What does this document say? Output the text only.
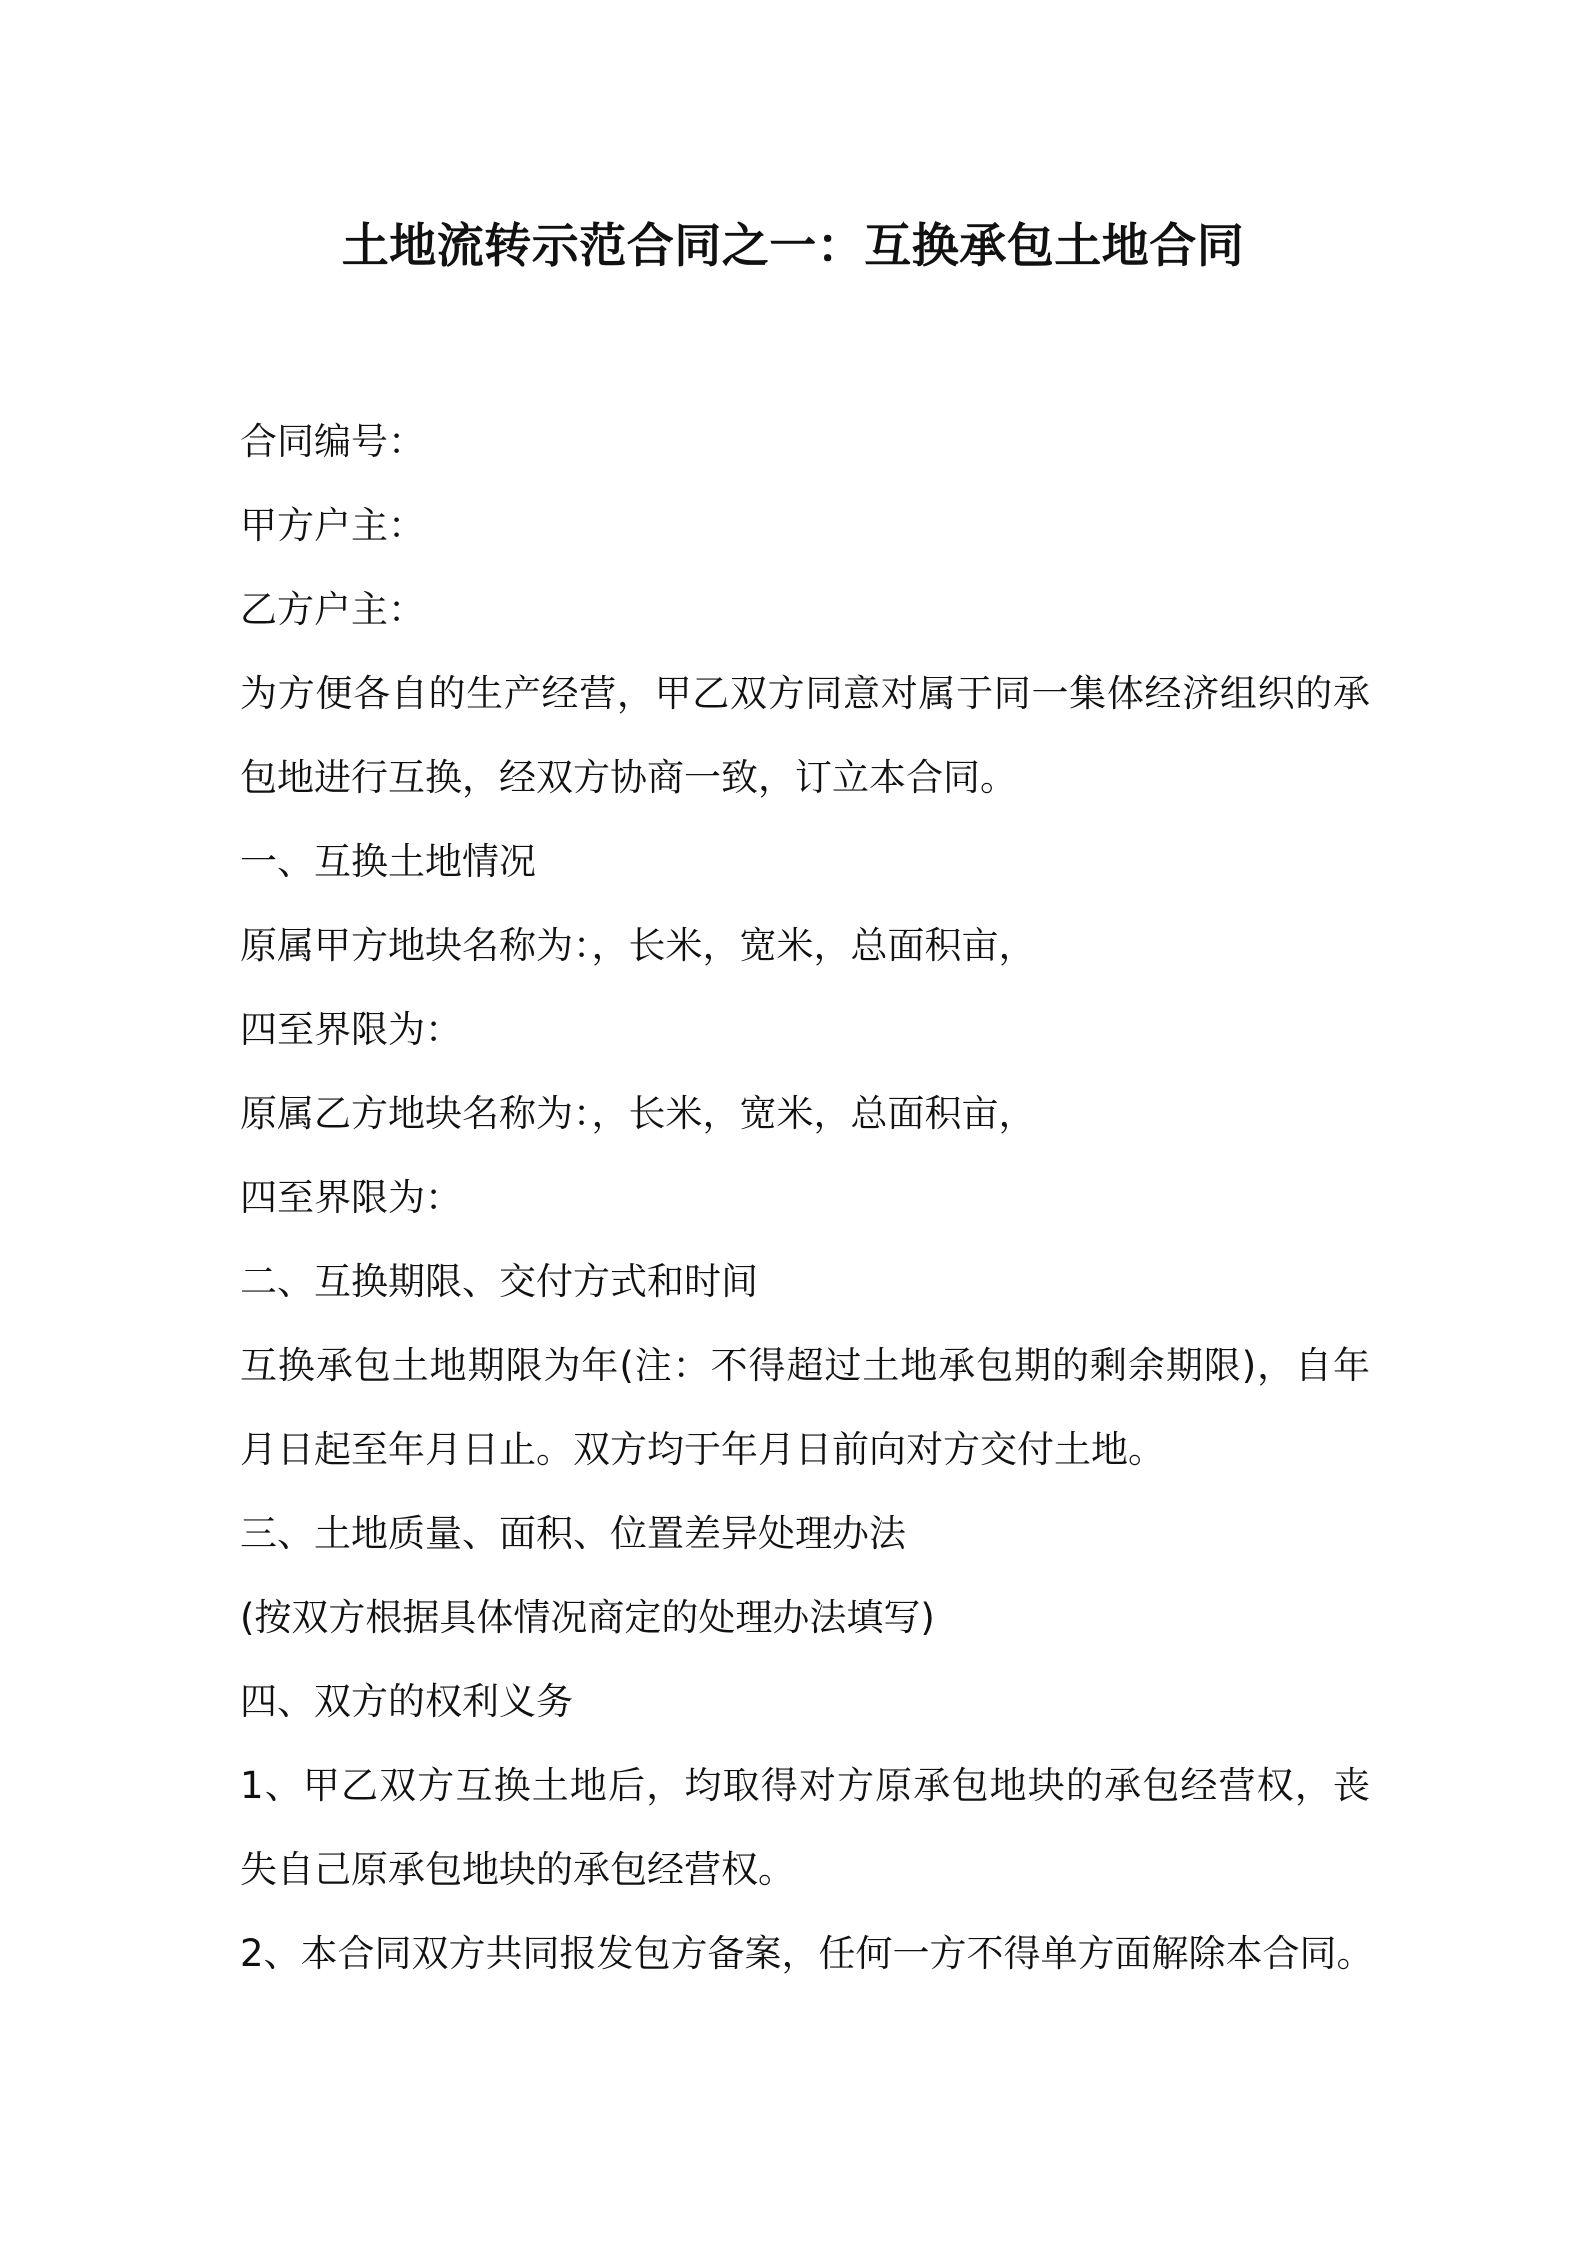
土地流转示范合同之一：互换承包土地合同

合同编号：

甲方户主：

乙方户主：

为方便各自的生产经营，甲乙双方同意对属于同一集体经济组织的承包地进行互换，经双方协商一致，订立本合同。

一、互换土地情况

原属甲方地块名称为：，长米，宽米，总面积亩，

四至界限为：

原属乙方地块名称为：，长米，宽米，总面积亩，

四至界限为：

二、互换期限、交付方式和时间

互换承包土地期限为年(注：不得超过土地承包期的剩余期限)，自年月日起至年月日止。双方均于年月日前向对方交付土地。

三、土地质量、面积、位置差异处理办法

(按双方根据具体情况商定的处理办法填写)

四、双方的权利义务

1、甲乙双方互换土地后，均取得对方原承包地块的承包经营权，丧失自己原承包地块的承包经营权。

2、本合同双方共同报发包方备案，任何一方不得单方面解除本合同。
